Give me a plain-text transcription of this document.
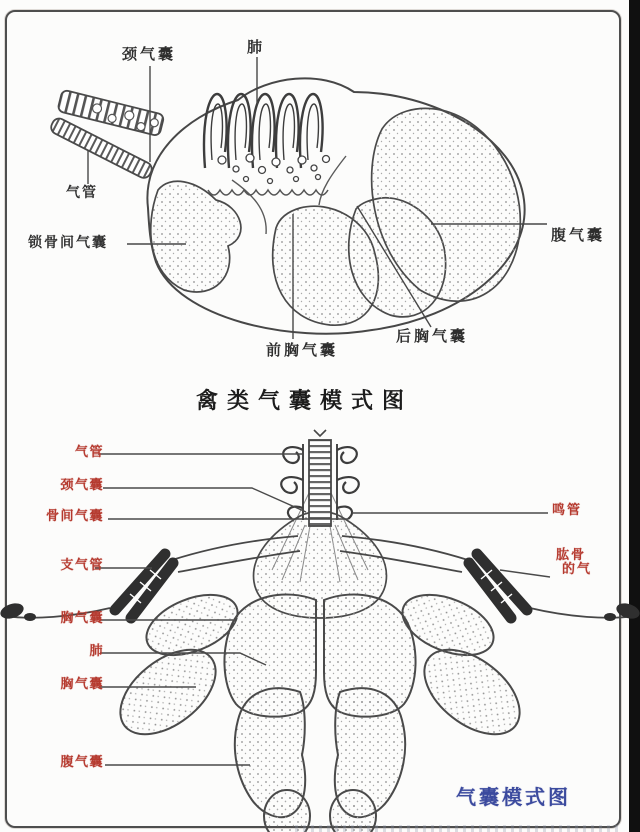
颈气囊	肺
气管
锁骨间气囊	腹气囊
前胸气囊
后胸气囊
禽类气囊模式图
气管
颈气囊
骨间气囊
支气管
胸气囊
肺
胸气囊
腹气囊
鸣管
肱骨
的气
气囊模式图
